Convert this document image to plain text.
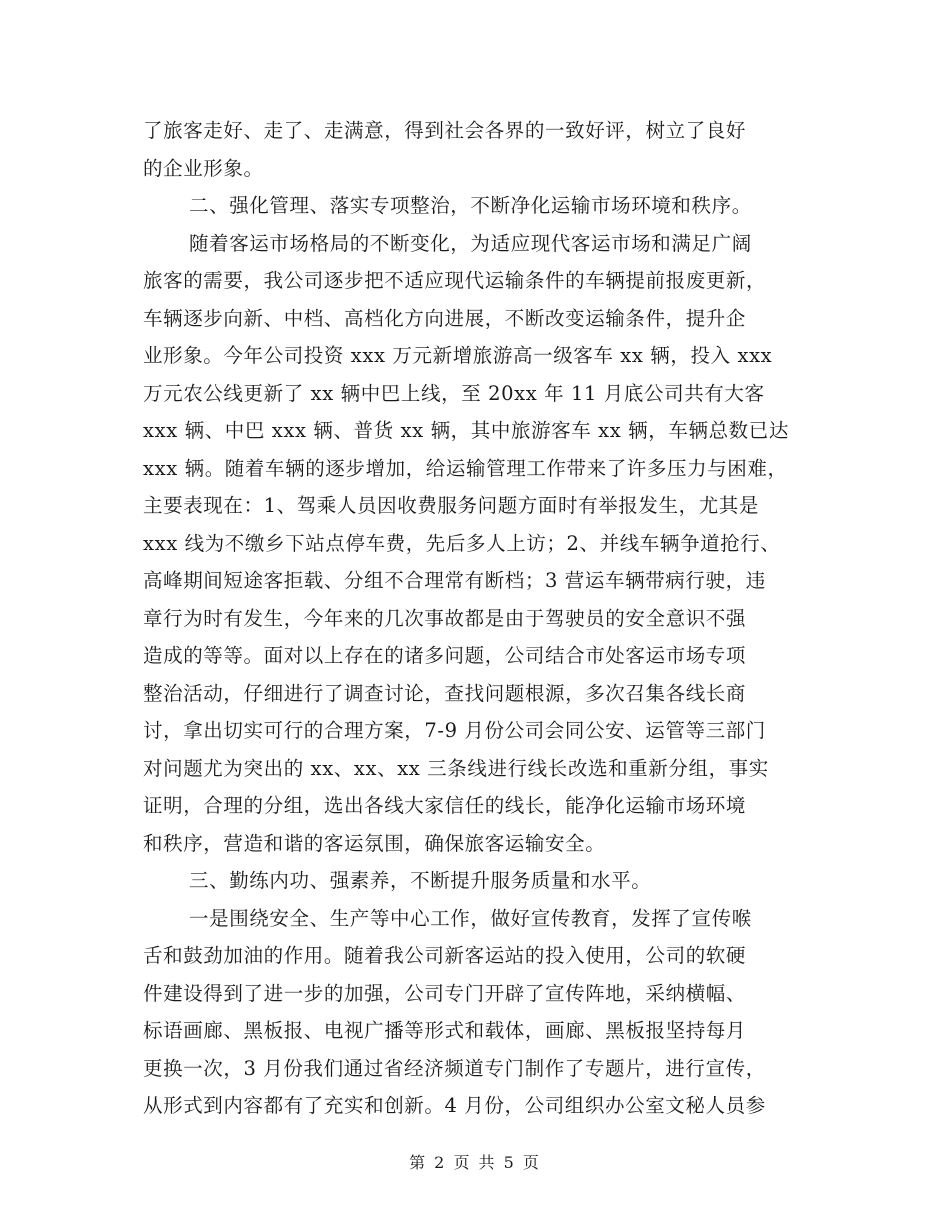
了旅客走好、走了、走满意，得到社会各界的一致好评，树立了良好
的企业形象。
二、强化管理、落实专项整治，不断净化运输市场环境和秩序。
随着客运市场格局的不断变化，为适应现代客运市场和满足广阔
旅客的需要，我公司逐步把不适应现代运输条件的车辆提前报废更新，
车辆逐步向新、中档、高档化方向进展，不断改变运输条件，提升企
业形象。今年公司投资 xxx 万元新增旅游高一级客车 xx 辆，投入 xxx
万元农公线更新了 xx 辆中巴上线，至 20xx 年 11 月底公司共有大客
xxx 辆、中巴 xxx 辆、普货 xx 辆，其中旅游客车 xx 辆，车辆总数已达
xxx 辆。随着车辆的逐步增加，给运输管理工作带来了许多压力与困难，
主要表现在：1、驾乘人员因收费服务问题方面时有举报发生，尤其是
xxx 线为不缴乡下站点停车费，先后多人上访；2、并线车辆争道抢行、
高峰期间短途客拒载、分组不合理常有断档；3 营运车辆带病行驶，违
章行为时有发生，今年来的几次事故都是由于驾驶员的安全意识不强
造成的等等。面对以上存在的诸多问题，公司结合市处客运市场专项
整治活动，仔细进行了调查讨论，查找问题根源，多次召集各线长商
讨，拿出切实可行的合理方案，7-9 月份公司会同公安、运管等三部门
对问题尤为突出的 xx、xx、xx 三条线进行线长改选和重新分组，事实
证明，合理的分组，选出各线大家信任的线长，能净化运输市场环境
和秩序，营造和谐的客运氛围，确保旅客运输安全。
三、勤练内功、强素养，不断提升服务质量和水平。
一是围绕安全、生产等中心工作，做好宣传教育，发挥了宣传喉
舌和鼓劲加油的作用。随着我公司新客运站的投入使用，公司的软硬
件建设得到了进一步的加强，公司专门开辟了宣传阵地，采纳横幅、
标语画廊、黑板报、电视广播等形式和载体，画廊、黑板报坚持每月
更换一次，3 月份我们通过省经济频道专门制作了专题片，进行宣传，
从形式到内容都有了充实和创新。4 月份，公司组织办公室文秘人员参
第 2 页 共 5 页
